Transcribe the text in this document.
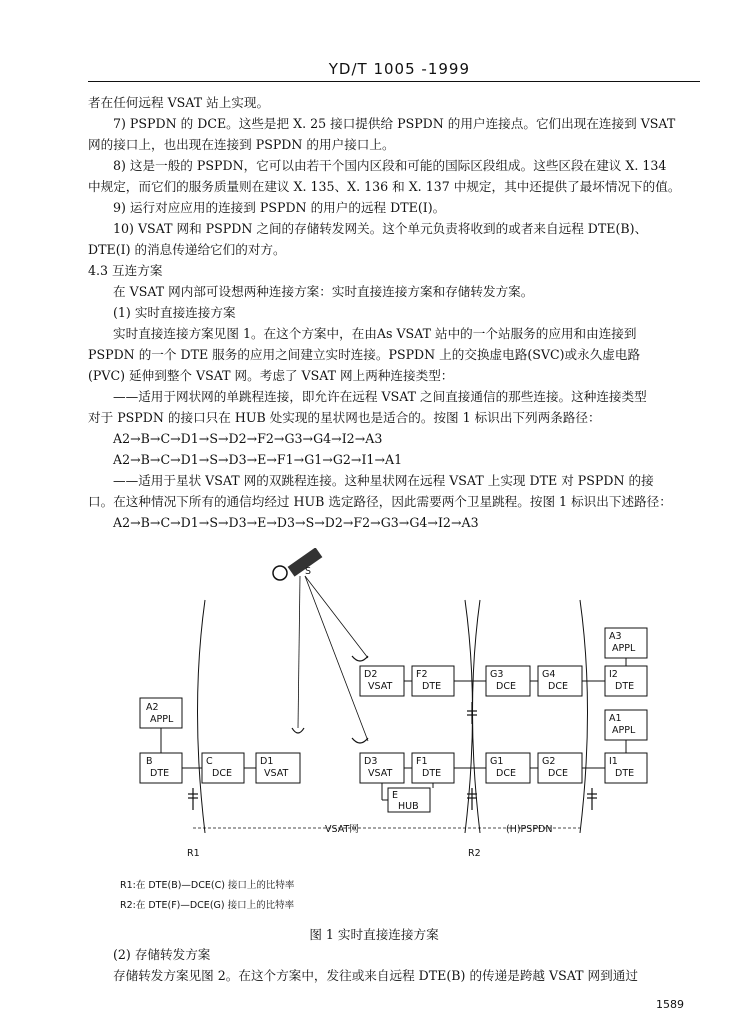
YD/T 1005 -1999
者在任何远程 VSAT 站上实现。
7) PSPDN 的 DCE。这些是把 X. 25 接口提供给 PSPDN 的用户连接点。它们出现在连接到 VSAT
网的接口上，也出现在连接到 PSPDN 的用户接口上。
8) 这是一般的 PSPDN，它可以由若干个国内区段和可能的国际区段组成。这些区段在建议 X. 134
中规定，而它们的服务质量则在建议 X. 135、X. 136 和 X. 137 中规定，其中还提供了最坏情况下的值。
9) 运行对应应用的连接到 PSPDN 的用户的远程 DTE(I)。
10) VSAT 网和 PSPDN 之间的存储转发网关。这个单元负责将收到的或者来自远程 DTE(B)、
DTE(I) 的消息传递给它们的对方。
4.3 互连方案
在 VSAT 网内部可设想两种连接方案：实时直接连接方案和存储转发方案。
(1) 实时直接连接方案
实时直接连接方案见图 1。在这个方案中，在由As VSAT 站中的一个站服务的应用和由连接到
PSPDN 的一个 DTE 服务的应用之间建立实时连接。PSPDN 上的交换虚电路(SVC)或永久虚电路
(PVC) 延伸到整个 VSAT 网。考虑了 VSAT 网上两种连接类型：
——适用于网状网的单跳程连接，即允许在远程 VSAT 之间直接通信的那些连接。这种连接类型
对于 PSPDN 的接口只在 HUB 处实现的星状网也是适合的。按图 1 标识出下列两条路径：
A2→B→C→D1→S→D2→F2→G3→G4→I2→A3
A2→B→C→D1→S→D3→E→F1→G1→G2→I1→A1
——适用于星状 VSAT 网的双跳程连接。这种星状网在远程 VSAT 上实现 DTE 对 PSPDN 的接
口。在这种情况下所有的通信均经过 HUB 选定路径，因此需要两个卫星跳程。按图 1 标识出下述路径：
A2→B→C→D1→S→D3→E→D3→S→D2→F2→G3→G4→I2→A3
S
A2
APPL
B
DTE
C
DCE
D1
VSAT
D2
VSAT
F2
DTE
D3
VSAT
F1
DTE
E
HUB
G3
DCE
G4
DCE
G1
DCE
G2
DCE
A3
APPL
I2
DTE
A1
APPL
I1
DTE
VSAT网	(H)PSPDN
R1	R2
R1:在 DTE(B)—DCE(C) 接口上的比特率
R2:在 DTE(F)—DCE(G) 接口上的比特率
图 1 实时直接连接方案
(2) 存储转发方案
存储转发方案见图 2。在这个方案中，发往或来自远程 DTE(B) 的传递是跨越 VSAT 网到通过
1589
